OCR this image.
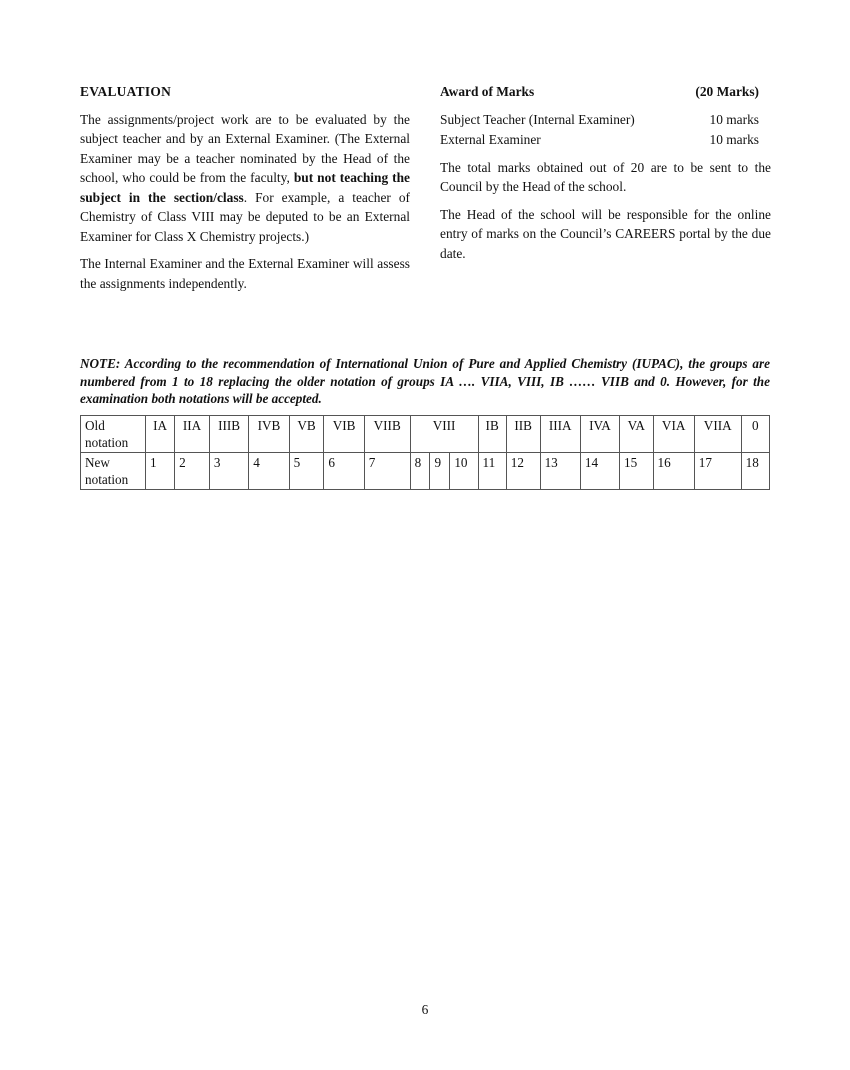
EVALUATION

The assignments/project work are to be evaluated by the subject teacher and by an External Examiner. (The External Examiner may be a teacher nominated by the Head of the school, who could be from the faculty, but not teaching the subject in the section/class. For example, a teacher of Chemistry of Class VIII may be deputed to be an External Examiner for Class X Chemistry projects.)

The Internal Examiner and the External Examiner will assess the assignments independently.

Award of Marks	(20 Marks)
Subject Teacher (Internal Examiner)	10 marks
External Examiner	10 marks

The total marks obtained out of 20 are to be sent to the Council by the Head of the school.

The Head of the school will be responsible for the online entry of marks on the Council’s CAREERS portal by the due date.

NOTE: According to the recommendation of International Union of Pure and Applied Chemistry (IUPAC), the groups are numbered from 1 to 18 replacing the older notation of groups IA …. VIIA, VIII, IB …… VIIB and 0. However, for the examination both notations will be accepted.
Old notation	IA	IIA	IIIB	IVB	VB	VIB	VIIB	VIII			IB	IIB	IIIA	IVA	VA	VIA	VIIA	0
New notation	1	2	3	4	5	6	7	8	9	10	11	12	13	14	15	16	17	18
6
